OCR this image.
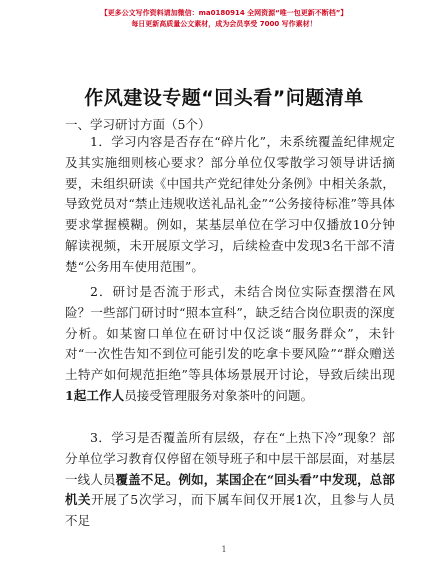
【更多公文写作资料请加微信：ma0180914 全网资源“唯一包更新不断档”】
每日更新高质量公文素材，成为会员享受 7000 写作素材！
作风建设专题“回头看”问题清单
一、学习研讨方面（5个）
1．学习内容是否存在“碎片化”，未系统覆盖纪律规定及其实施细则核心要求？部分单位仅零散学习领导讲话摘要，未组织研读《中国共产党纪律处分条例》中相关条款，导致党员对“禁止违规收送礼品礼金”“公务接待标准”等具体要求掌握模糊。例如，某基层单位在学习中仅播放10分钟解读视频，未开展原文学习，后续检查中发现3名干部不清楚“公务用车使用范围”。
2．研讨是否流于形式，未结合岗位实际查摆潜在风险？一些部门研讨时“照本宣科”，缺乏结合岗位职责的深度分析。如某窗口单位在研讨中仅泛谈“服务群众”，未针对“一次性告知不到位可能引发的吃拿卡要风险”“群众赠送土特产如何规范拒绝”等具体场景展开讨论，导致后续出现1起工作人员接受管理服务对象茶叶的问题。
3．学习是否覆盖所有层级，存在“上热下冷”现象？部分单位学习教育仅停留在领导班子和中层干部层面，对基层一线人员覆盖不足。例如，某国企在“回头看”中发现，总部机关开展了5次学习，而下属车间仅开展1次，且参与人员不足
1
